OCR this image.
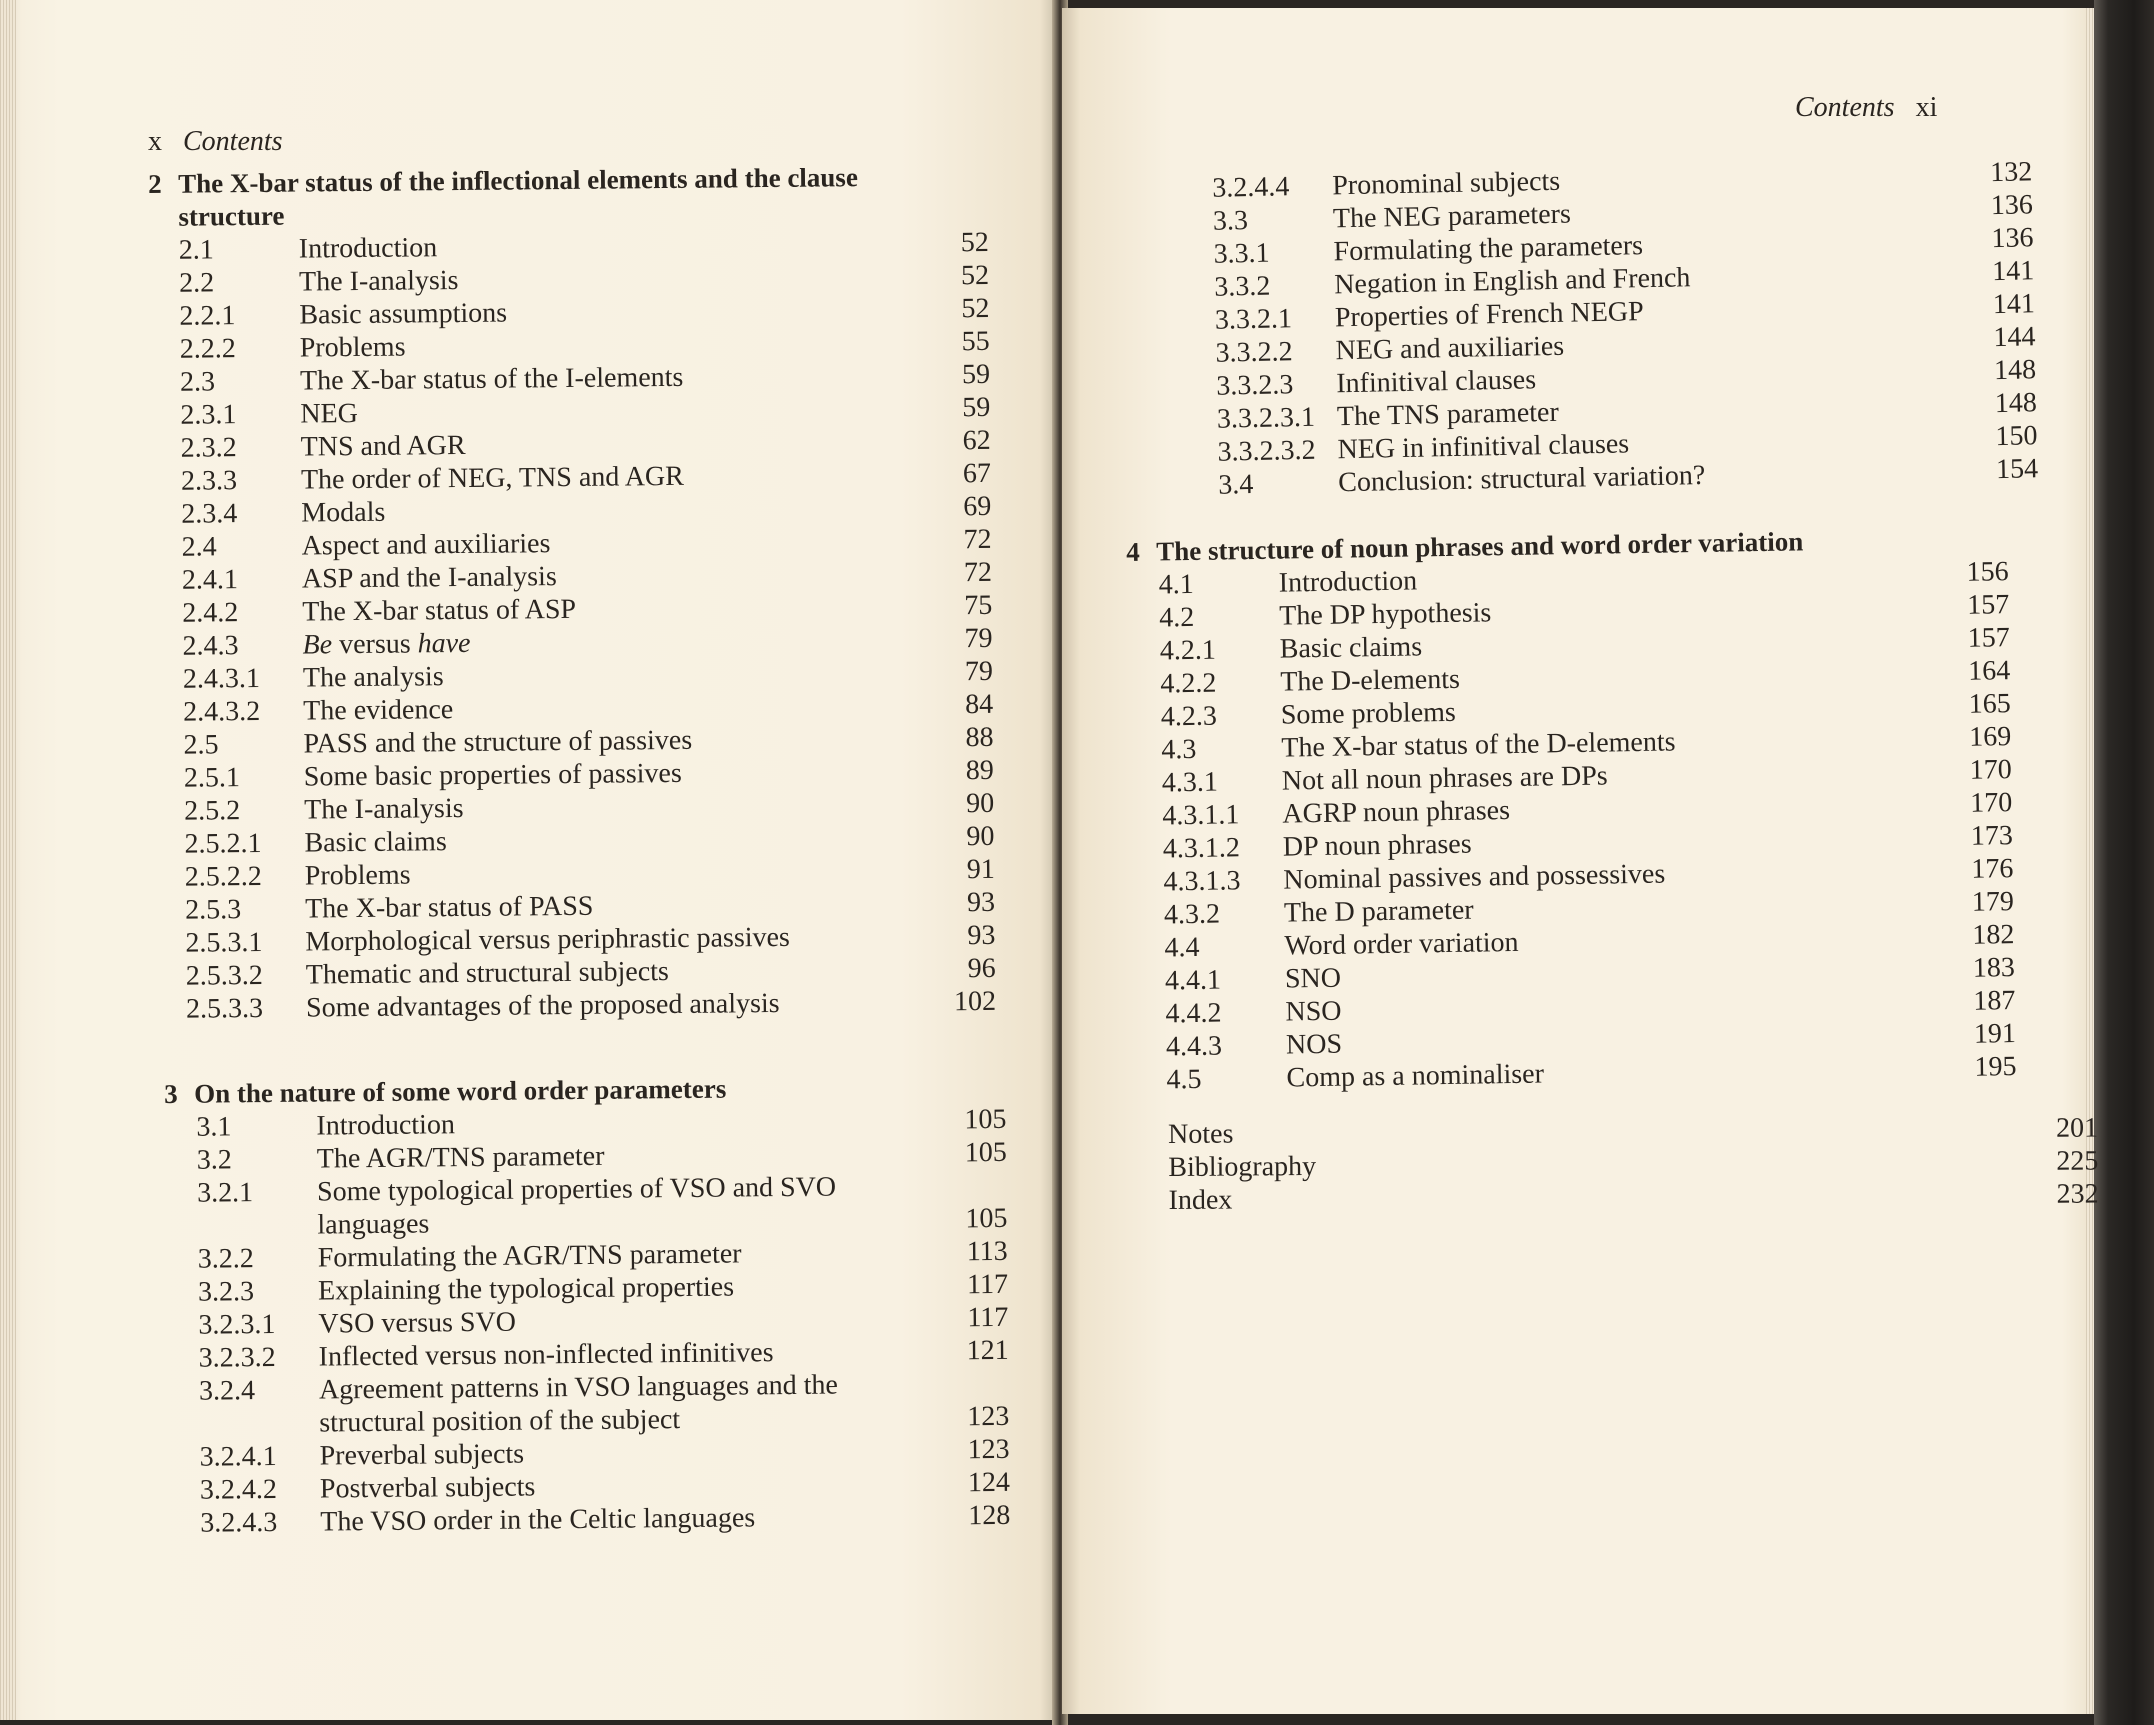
x Contents
2 The X-bar status of the inflectional elements and the clause
structure
2.1	Introduction	52
2.2	The I-analysis	52
2.2.1 Basic assumptions	52
2.2.2 Problems	55
2.3	The X-bar status of the I-elements	59
2.3.1 NEG	59
2.3.2 TNS and AGR	62
2.3.3 The order of NEG, TNS and AGR	67
2.3.4 Modals	69
2.4	Aspect and auxiliaries	72
2.4.1 ASP and the I-analysis	72
2.4.2 The X-bar status of ASP	75
2.4.3 Be versus have	79
2.4.3.1 The analysis	79
2.4.3.2 The evidence	84
2.5	PASS and the structure of passives	88
2.5.1 Some basic properties of passives	89
2.5.2 The I-analysis	90
2.5.2.1 Basic claims	90
2.5.2.2 Problems	91
2.5.3 The X-bar status of PASS	93
2.5.3.1 Morphological versus periphrastic passives	93
2.5.3.2 Thematic and structural subjects	96
2.5.3.3 Some advantages of the proposed analysis	102
3 On the nature of some word order parameters
3.1	Introduction	105
3.2	The AGR/TNS parameter	105
3.2.1 Some typological properties of VSO and SVO languages	105
3.2.2 Formulating the AGR/TNS parameter	113
3.2.3 Explaining the typological properties	117
3.2.3.1 VSO versus SVO	117
3.2.3.2 Inflected versus non-inflected infinitives	121
3.2.4 Agreement patterns in VSO languages and the structural position of the subject	123
3.2.4.1 Preverbal subjects	123
3.2.4.2 Postverbal subjects	124
3.2.4.3 The VSO order in the Celtic languages	128
Contents xi
3.2.4.4 Pronominal subjects	132
3.3	The NEG parameters	136
3.3.1 Formulating the parameters	136
3.3.2 Negation in English and French	141
3.3.2.1 Properties of French NEGP	141
3.3.2.2 NEG and auxiliaries	144
3.3.2.3 Infinitival clauses	148
3.3.2.3.1 The TNS parameter	148
3.3.2.3.2 NEG in infinitival clauses	150
3.4	Conclusion: structural variation?	154
4 The structure of noun phrases and word order variation
4.1	Introduction	156
4.2	The DP hypothesis	157
4.2.1 Basic claims	157
4.2.2 The D-elements	164
4.2.3 Some problems	165
4.3	The X-bar status of the D-elements	169
4.3.1 Not all noun phrases are DPs	170
4.3.1.1 AGRP noun phrases	170
4.3.1.2 DP noun phrases	173
4.3.1.3 Nominal passives and possessives	176
4.3.2 The D parameter	179
4.4	Word order variation	182
4.4.1 SNO	183
4.4.2 NSO	187
4.4.3 NOS	191
4.5	Comp as a nominaliser	195
Notes	201
Bibliography	225
Index	232
